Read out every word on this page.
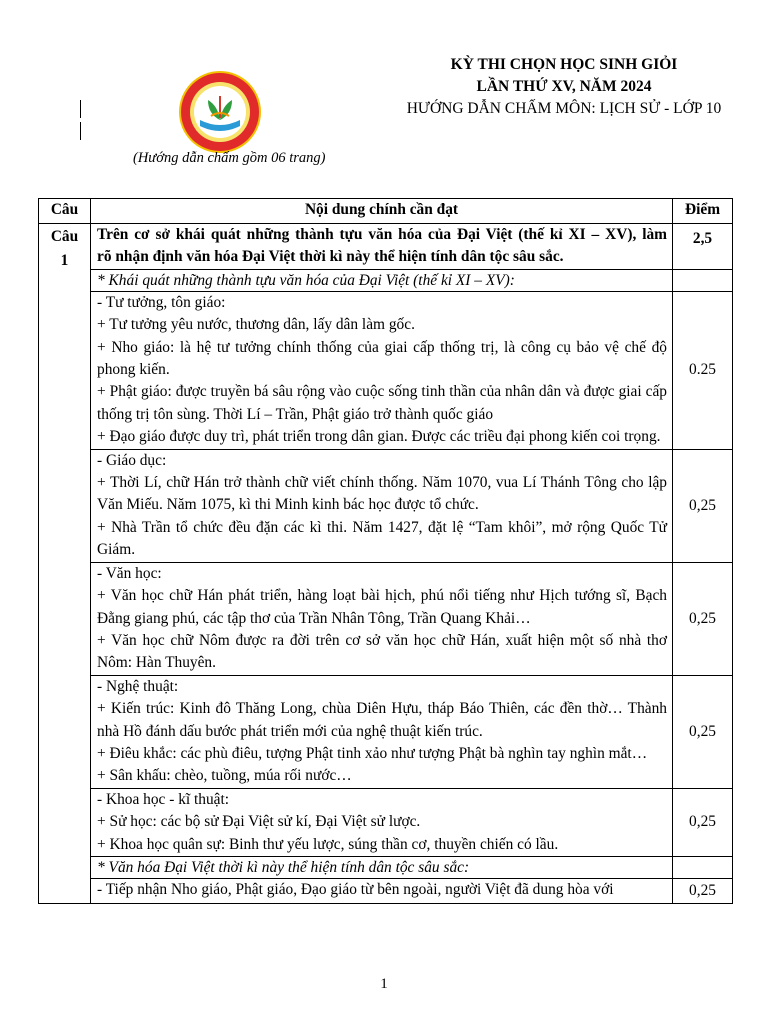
KỲ THI CHỌN HỌC SINH GIỎI
LẦN THỨ XV, NĂM 2024
HƯỚNG DẪN CHẤM MÔN: LỊCH SỬ - LỚP 10
(Hướng dẫn chấm gồm 06 trang)
Câu	Nội dung chính cần đạt	Điểm

Câu 1	Trên cơ sở khái quát những thành tựu văn hóa của Đại Việt (thế kỉ XI – XV), làm
rõ nhận định văn hóa Đại Việt thời kì này thể hiện tính dân tộc sâu sắc.	2,5
	* Khái quát những thành tựu văn hóa của Đại Việt (thế kỉ XI – XV):	

	- Tư tưởng, tôn giáo:
+ Tư tưởng yêu nước, thương dân, lấy dân làm gốc.
+ Nho giáo: là hệ tư tưởng chính thống của giai cấp thống trị, là công cụ bảo vệ chế độ phong kiến.
+ Phật giáo: được truyền bá sâu rộng vào cuộc sống tinh thần của nhân dân và được giai cấp thống trị tôn sùng. Thời Lí – Trần, Phật giáo trở thành quốc giáo
+ Đạo giáo được duy trì, phát triển trong dân gian. Được các triều đại phong kiến coi trọng.	0.25

	- Giáo dục:
+ Thời Lí, chữ Hán trở thành chữ viết chính thống. Năm 1070, vua Lí Thánh Tông cho lập Văn Miếu. Năm 1075, kì thi Minh kinh bác học được tổ chức.
+ Nhà Trần tổ chức đều đặn các kì thi. Năm 1427, đặt lệ “Tam khôi”, mở rộng Quốc Tử Giám.	0,25

	- Văn học:
+ Văn học chữ Hán phát triển, hàng loạt bài hịch, phú nổi tiếng như Hịch tướng sĩ, Bạch Đằng giang phú, các tập thơ của Trần Nhân Tông, Trần Quang Khải…
+ Văn học chữ Nôm được ra đời trên cơ sở văn học chữ Hán, xuất hiện một số nhà thơ Nôm: Hàn Thuyên.	0,25

	- Nghệ thuật:
+ Kiến trúc: Kinh đô Thăng Long, chùa Diên Hựu, tháp Báo Thiên, các đền thờ… Thành nhà Hồ đánh dấu bước phát triển mới của nghệ thuật kiến trúc.
+ Điêu khắc: các phù điêu, tượng Phật tinh xảo như tượng Phật bà nghìn tay nghìn mắt…
+ Sân khấu: chèo, tuồng, múa rối nước…	0,25

	- Khoa học - kĩ thuật:
+ Sử học: các bộ sử Đại Việt sử kí, Đại Việt sử lược.
+ Khoa học quân sự: Binh thư yếu lược, súng thần cơ, thuyền chiến có lầu.	0,25
	* Văn hóa Đại Việt thời kì này thể hiện tính dân tộc sâu sắc:	

	- Tiếp nhận Nho giáo, Phật giáo, Đạo giáo từ bên ngoài, người Việt đã dung hòa với	0,25
1
